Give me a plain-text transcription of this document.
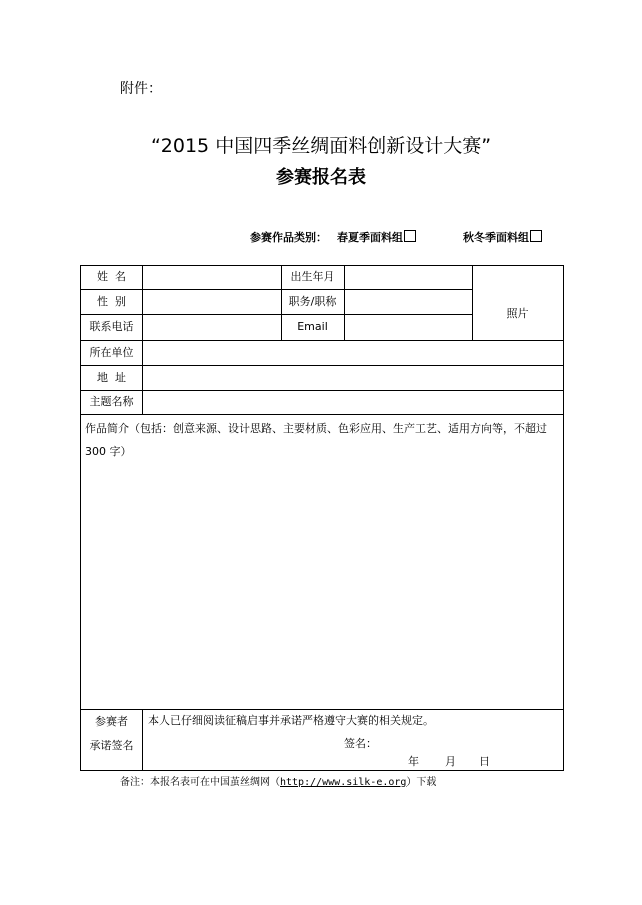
附件：
“2015 中国四季丝绸面料创新设计大赛”
参赛报名表
参赛作品类别： 春夏季面料组	秋冬季面料组
姓  名
性  别
联系电话
出生年月
职务/职称
Email
照片
所在单位
地  址
主题名称
作品简介（包括：创意来源、设计思路、主要材质、色彩应用、生产工艺、适用方向等，不超过 300 字）
参赛者
承诺签名
本人已仔细阅读征稿启事并承诺严格遵守大赛的相关规定。
签名：
年 月 日
备注：本报名表可在中国茧丝绸网（http://www.silk-e.org）下载
